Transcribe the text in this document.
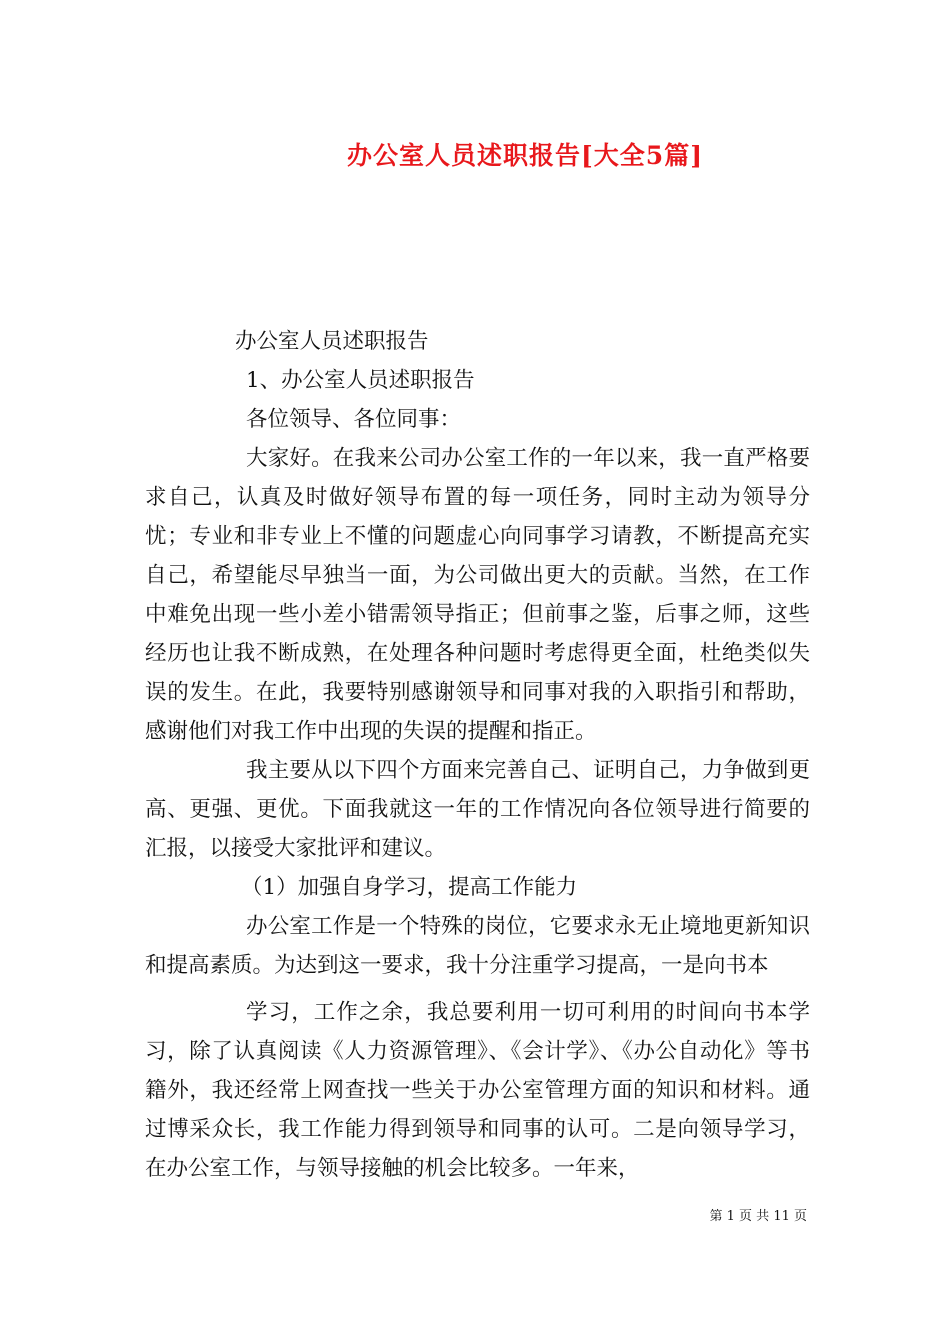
办公室人员述职报告[大全5篇]

办公室人员述职报告

1、办公室人员述职报告

各位领导、各位同事：

大家好。在我来公司办公室工作的一年以来，我一直严格要求自己，认真及时做好领导布置的每一项任务，同时主动为领导分忧；专业和非专业上不懂的问题虚心向同事学习请教，不断提高充实自己，希望能尽早独当一面，为公司做出更大的贡献。当然，在工作中难免出现一些小差小错需领导指正；但前事之鉴，后事之师，这些经历也让我不断成熟，在处理各种问题时考虑得更全面，杜绝类似失误的发生。在此，我要特别感谢领导和同事对我的入职指引和帮助，感谢他们对我工作中出现的失误的提醒和指正。

我主要从以下四个方面来完善自己、证明自己，力争做到更高、更强、更优。下面我就这一年的工作情况向各位领导进行简要的汇报，以接受大家批评和建议。

（1）加强自身学习，提高工作能力

办公室工作是一个特殊的岗位，它要求永无止境地更新知识和提高素质。为达到这一要求，我十分注重学习提高，一是向书本

学习，工作之余，我总要利用一切可利用的时间向书本学习，除了认真阅读《人力资源管理》、《会计学》、《办公自动化》等书籍外，我还经常上网查找一些关于办公室管理方面的知识和材料。通过博采众长，我工作能力得到领导和同事的认可。二是向领导学习，在办公室工作，与领导接触的机会比较多。一年来，

第 1 页 共 11 页
